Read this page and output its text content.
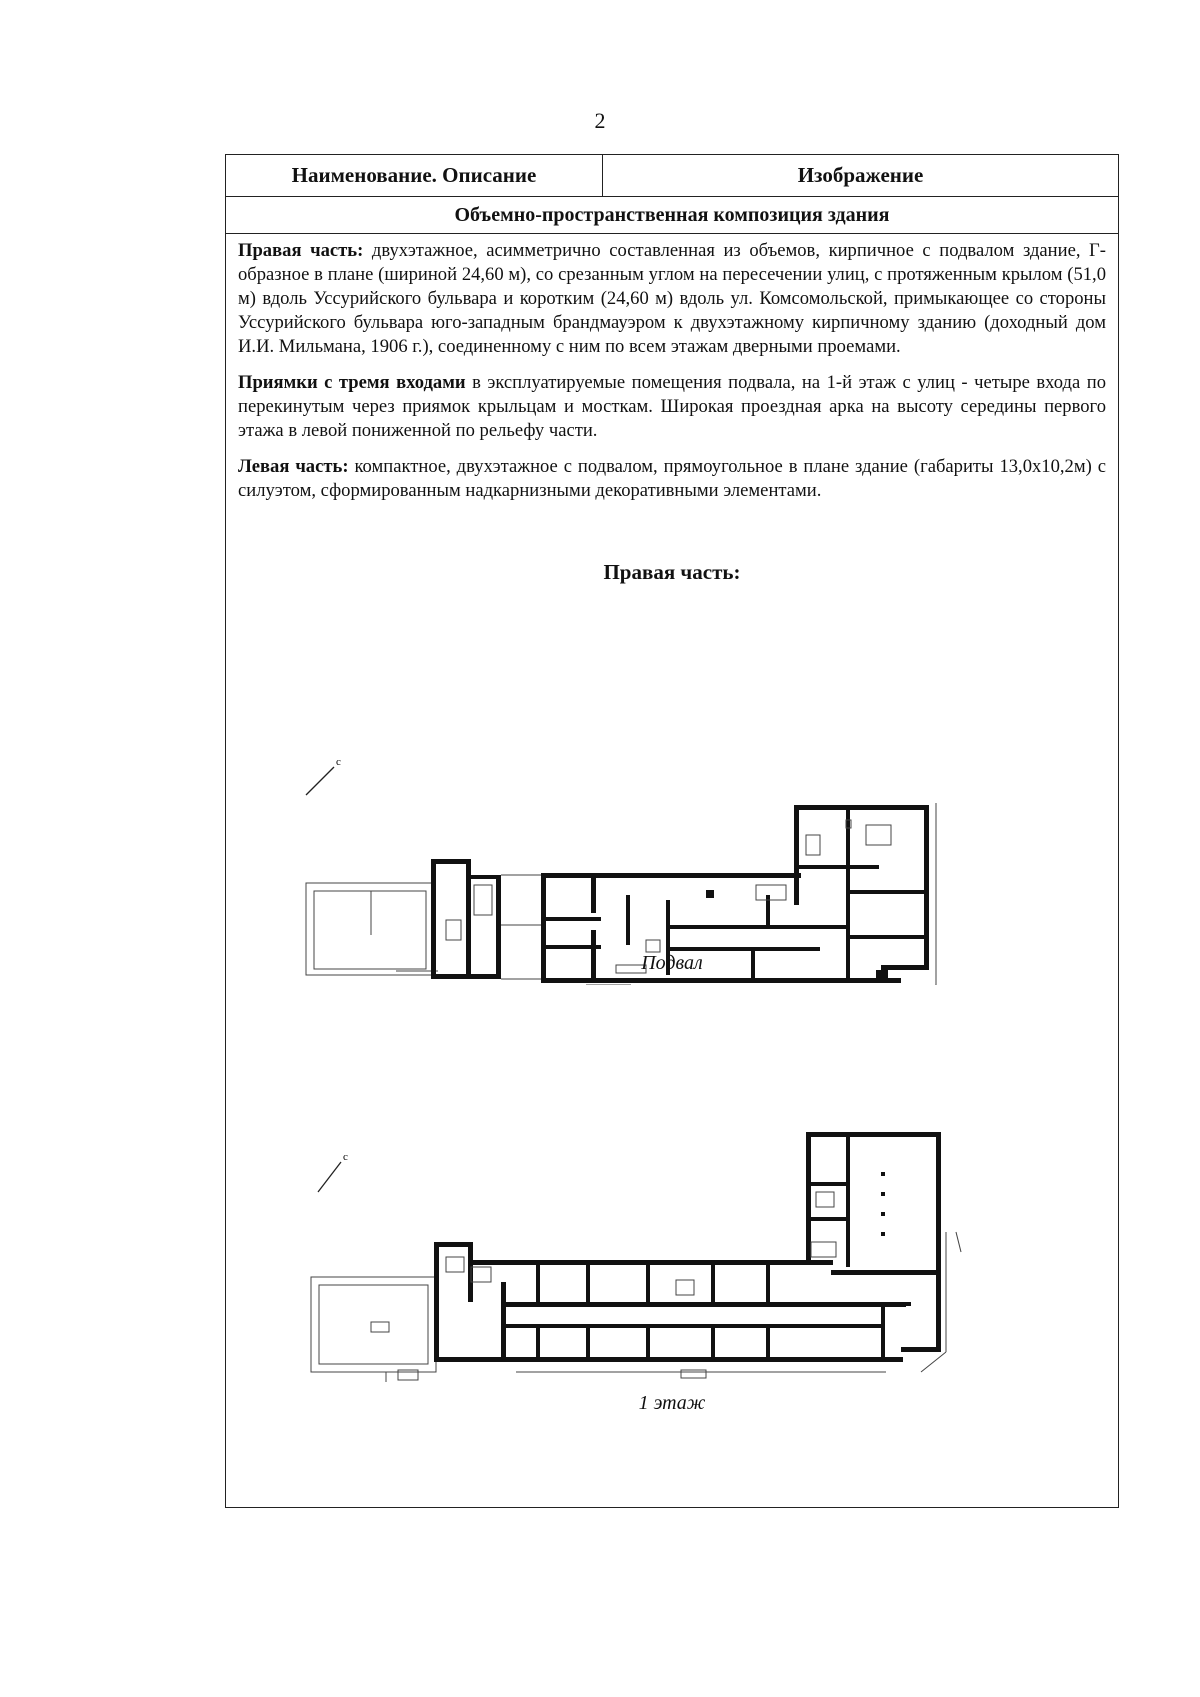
2
Наименование. Описание	Изображение
Объемно-пространственная композиция здания

Правая часть: двухэтажное, асимметрично составленная из объемов, кирпичное с подвалом здание, Г-образное в плане (шириной 24,60 м), со срезанным углом на пересечении улиц, с протяженным крылом (51,0 м) вдоль Уссурийского бульвара и коротким (24,60 м) вдоль ул. Комсомольской, примыкающее со стороны Уссурийского бульвара юго-западным брандмауэром к двухэтажному кирпичному зданию (доходный дом И.И. Мильмана, 1906 г.), соединенному с ним по всем этажам дверными проемами.

Приямки с тремя входами в эксплуатируемые помещения подвала, на 1-й этаж с улиц - четыре входа по перекинутым через приямок крыльцам и мосткам. Широкая проездная арка на высоту середины первого этажа в левой пониженной по рельефу части.

Левая часть: компактное, двухэтажное с подвалом, прямоугольное в плане здание (габариты 13,0х10,2м) с силуэтом, сформированным надкарнизными декоративными элементами.

Правая часть:
с
Подвал
с
1 этаж
